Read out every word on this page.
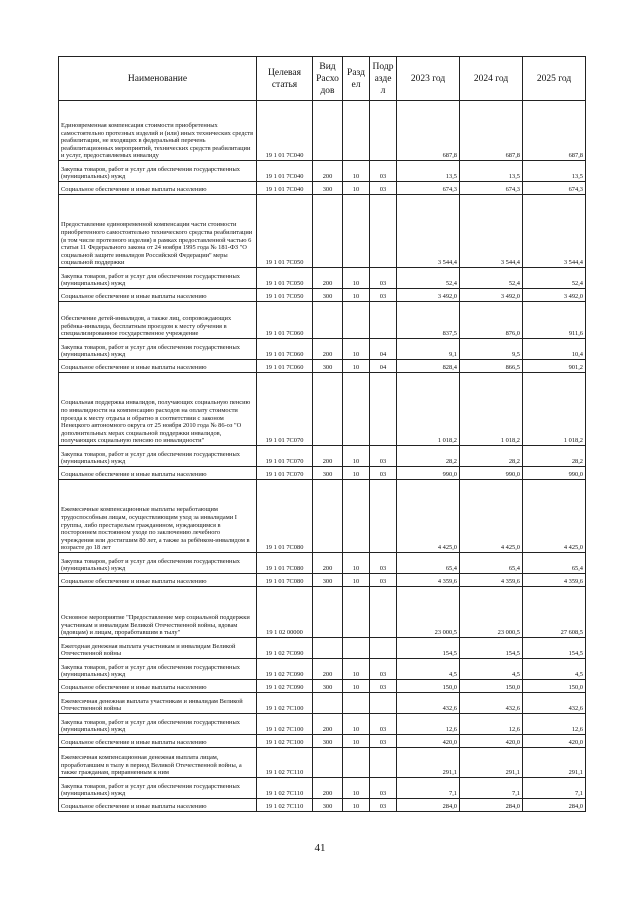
Наименование	Целевая статья	Вид Расхо дов	Разд ел	Подр азде л	2023 год	2024 год	2025 год
Единовременная компенсация стоимости приобретенных самостоятельно протезных изделий и (или) иных технических средств реабилитации, не входящих в федеральный перечень реабилитационных мероприятий, технических средств реабилитации и услуг, предоставляемых инвалиду	19 1 01 7С040				687,8	687,8	687,8
Закупка товаров, работ и услуг для обеспечения государственных (муниципальных) нужд	19 1 01 7С040	200	10	03	13,5	13,5	13,5
Социальное обеспечение и иные выплаты населению	19 1 01 7С040	300	10	03	674,3	674,3	674,3
Предоставление единовременной компенсации части стоимости приобретенного самостоятельно технического средства реабилитации (в том числе протезного изделия) в рамках предоставленной частью 6 статьи 11 Федерального закона от 24 ноября 1995 года № 181-ФЗ "О социальной защите инвалидов Российской Федерации" меры социальной поддержки	19 1 01 7С050				3 544,4	3 544,4	3 544,4
Закупка товаров, работ и услуг для обеспечения государственных (муниципальных) нужд	19 1 01 7С050	200	10	03	52,4	52,4	52,4
Социальное обеспечение и иные выплаты населению	19 1 01 7С050	300	10	03	3 492,0	3 492,0	3 492,0
Обеспечение детей-инвалидов, а также лиц, сопровождающих ребёнка-инвалида, бесплатным проездом к месту обучения в специализированное государственное учреждение	19 1 01 7С060				837,5	876,0	911,6
Закупка товаров, работ и услуг для обеспечения государственных (муниципальных) нужд	19 1 01 7С060	200	10	04	9,1	9,5	10,4
Социальное обеспечение и иные выплаты населению	19 1 01 7С060	300	10	04	828,4	866,5	901,2
Социальная поддержка инвалидов, получающих социальную пенсию по инвалидности на компенсацию расходов на оплату стоимости проезда к месту отдыха и обратно в соответствии с законом Ненецкого автономного округа от 25 ноября 2010 года № 86-оз "О дополнительных мерах социальной поддержки инвалидов, получающих социальную пенсию по инвалидности"	19 1 01 7С070				1 018,2	1 018,2	1 018,2
Закупка товаров, работ и услуг для обеспечения государственных (муниципальных) нужд	19 1 01 7С070	200	10	03	28,2	28,2	28,2
Социальное обеспечение и иные выплаты населению	19 1 01 7С070	300	10	03	990,0	990,0	990,0
Ежемесячные компенсационные выплаты неработающим трудоспособным лицам, осуществляющим уход за инвалидами I группы, либо престарелым гражданином, нуждающимся в постороннем постоянном уходе по заключению лечебного учреждения или достигшим 80 лет, а также за ребёнком-инвалидом в возрасте до 18 лет	19 1 01 7С080				4 425,0	4 425,0	4 425,0
Закупка товаров, работ и услуг для обеспечения государственных (муниципальных) нужд	19 1 01 7С080	200	10	03	65,4	65,4	65,4
Социальное обеспечение и иные выплаты населению	19 1 01 7С080	300	10	03	4 359,6	4 359,6	4 359,6
Основное мероприятие "Предоставление мер социальной поддержки участникам и инвалидам Великой Отечественной войны, вдовам (вдовцам) и лицам, проработавшим в тылу"	19 1 02 00000				23 000,5	23 000,5	27 608,5
Ежегодная денежная выплата участникам и инвалидам Великой Отечественной войны	19 1 02 7С090				154,5	154,5	154,5
Закупка товаров, работ и услуг для обеспечения государственных (муниципальных) нужд	19 1 02 7С090	200	10	03	4,5	4,5	4,5
Социальное обеспечение и иные выплаты населению	19 1 02 7С090	300	10	03	150,0	150,0	150,0
Ежемесячная денежная выплата участникам и инвалидам Великой Отечественной войны	19 1 02 7С100				432,6	432,6	432,6
Закупка товаров, работ и услуг для обеспечения государственных (муниципальных) нужд	19 1 02 7С100	200	10	03	12,6	12,6	12,6
Социальное обеспечение и иные выплаты населению	19 1 02 7С100	300	10	03	420,0	420,0	420,0
Ежемесячная компенсационная денежная выплата лицам, проработавшим в тылу в период Великой Отечественной войны, а также гражданам, приравненным к ним	19 1 02 7С110				291,1	291,1	291,1
Закупка товаров, работ и услуг для обеспечения государственных (муниципальных) нужд	19 1 02 7С110	200	10	03	7,1	7,1	7,1
Социальное обеспечение и иные выплаты населению	19 1 02 7С110	300	10	03	284,0	284,0	284,0
41
